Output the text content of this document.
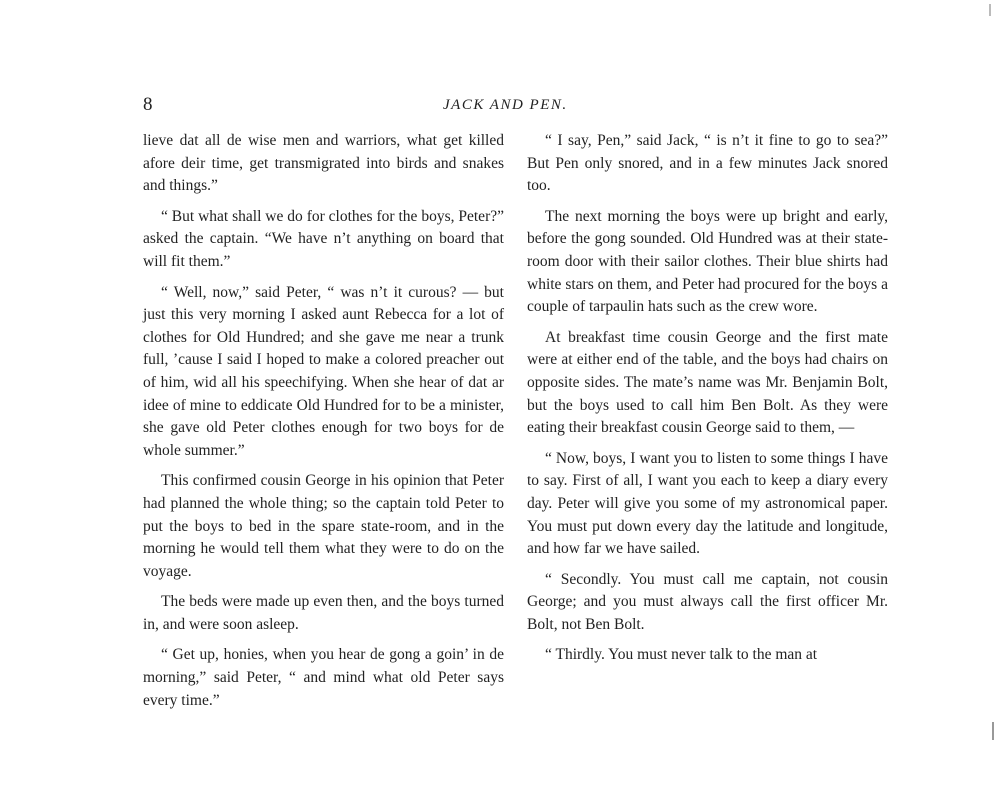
8	JACK AND PEN.

lieve dat all de wise men and warriors, what get killed afore deir time, get transmigrated into birds and snakes and things.”

“ But what shall we do for clothes for the boys, Peter?” asked the captain. “We have n’t anything on board that will fit them.”

“ Well, now,” said Peter, “ was n’t it curous? — but just this very morning I asked aunt Rebecca for a lot of clothes for Old Hundred; and she gave me near a trunk full, ’cause I said I hoped to make a colored preacher out of him, wid all his speechifying. When she hear of dat ar idee of mine to eddicate Old Hundred for to be a minister, she gave old Peter clothes enough for two boys for de whole summer.”

This confirmed cousin George in his opinion that Peter had planned the whole thing; so the captain told Peter to put the boys to bed in the spare state-room, and in the morning he would tell them what they were to do on the voyage.

The beds were made up even then, and the boys turned in, and were soon asleep.

“ Get up, honies, when you hear de gong a goin’ in de morning,” said Peter, “ and mind what old Peter says every time.”

“ I say, Pen,” said Jack, “ is n’t it fine to go to sea?” But Pen only snored, and in a few minutes Jack snored too.

The next morning the boys were up bright and early, before the gong sounded. Old Hundred was at their state-room door with their sailor clothes. Their blue shirts had white stars on them, and Peter had procured for the boys a couple of tarpaulin hats such as the crew wore.

At breakfast time cousin George and the first mate were at either end of the table, and the boys had chairs on opposite sides. The mate’s name was Mr. Benjamin Bolt, but the boys used to call him Ben Bolt. As they were eating their breakfast cousin George said to them, —

“ Now, boys, I want you to listen to some things I have to say. First of all, I want you each to keep a diary every day. Peter will give you some of my astronomical paper. You must put down every day the latitude and longitude, and how far we have sailed.

“ Secondly. You must call me captain, not cousin George; and you must always call the first officer Mr. Bolt, not Ben Bolt.

“ Thirdly. You must never talk to the man at
